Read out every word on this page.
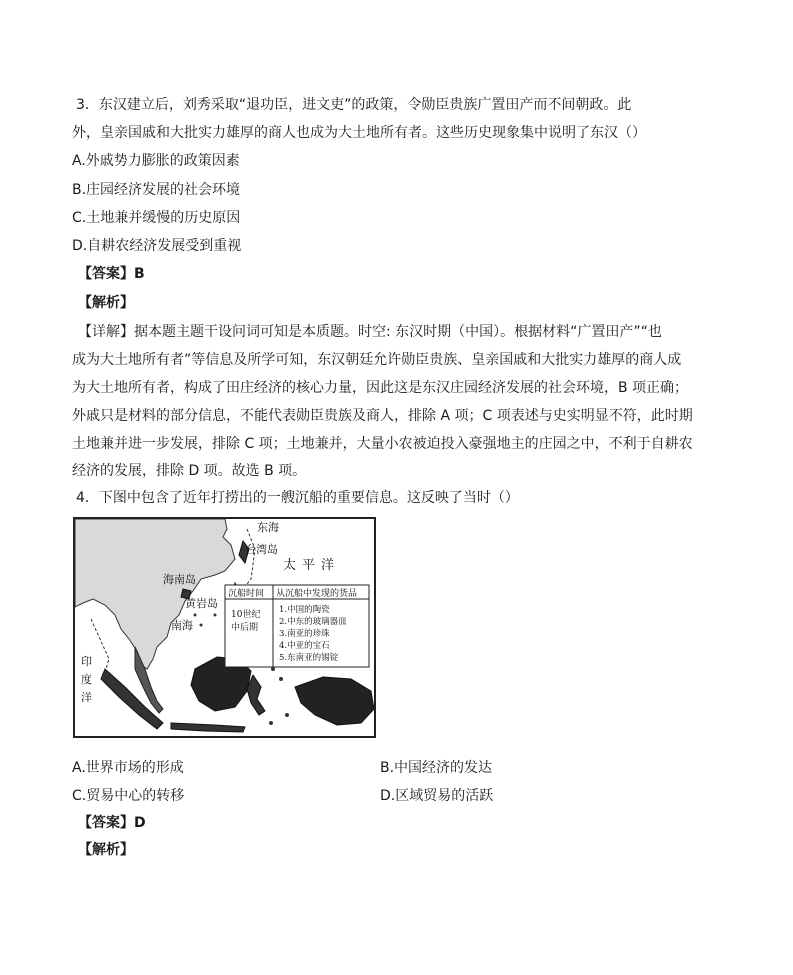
3．东汉建立后，刘秀采取“退功臣，进文吏”的政策，令勋臣贵族广置田产而不间朝政。此
外，皇亲国戚和大批实力雄厚的商人也成为大土地所有者。这些历史现象集中说明了东汉（）
A.外戚势力膨胀的政策因素
B.庄园经济发展的社会环境
C.土地兼并缓慢的历史原因
D.自耕农经济发展受到重视
【答案】B
【解析】
【详解】据本题主题干设问词可知是本质题。时空: 东汉时期（中国）。根据材料“广置田产”“也
成为大土地所有者”等信息及所学可知，东汉朝廷允许勋臣贵族、皇亲国戚和大批实力雄厚的商人成
为大土地所有者，构成了田庄经济的核心力量，因此这是东汉庄园经济发展的社会环境，B 项正确；
外戚只是材料的部分信息，不能代表勋臣贵族及商人，排除 A 项；C 项表述与史实明显不符，此时期
土地兼并进一步发展，排除 C 项；土地兼并，大量小农被迫投入豪强地主的庄园之中，不利于自耕农
经济的发展，排除 D 项。故选 B 项。
4．下图中包含了近年打捞出的一艘沉船的重要信息。这反映了当时（）
东海
台湾岛
太平洋
海南岛
黄岩岛
南海
印
度
洋
沉船时间 从沉船中发现的货品
10世纪
中后期
1.中国的陶瓷
2.中东的玻璃器皿
3.南亚的珍珠
4.中亚的宝石
5.东南亚的锡锭
A.世界市场的形成	B.中国经济的发达
C.贸易中心的转移	D.区域贸易的活跃
【答案】D
【解析】
